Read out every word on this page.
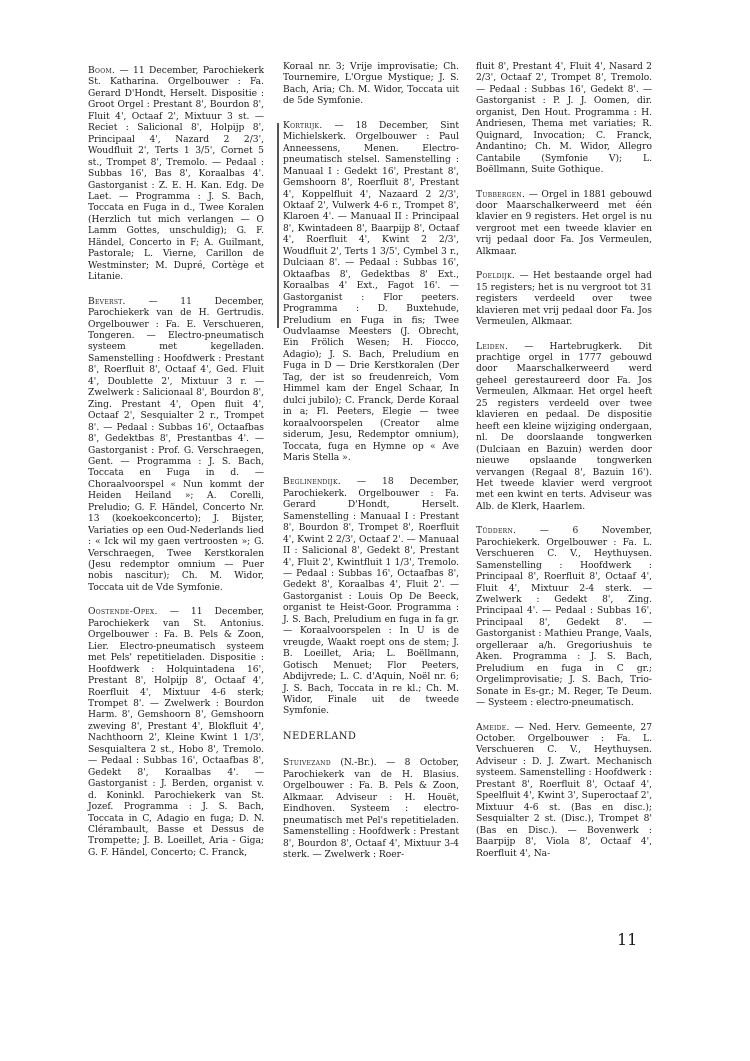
Boom. — 11 December, Parochiekerk St. Katharina. Orgelbouwer : Fa. Gerard D'Hondt, Herselt. Dispositie : Groot Orgel : Prestant 8', Bourdon 8', Fluit 4', Octaaf 2', Mixtuur 3 st. — Reciet : Salicional 8', Holpijp 8', Principaal 4', Nazard 2 2/3', Woudfluit 2', Terts 1 3/5', Cornet 5 st., Trompet 8', Tremolo. — Pedaal : Subbas 16', Bas 8', Koraalbas 4'. Gastorganist : Z. E. H. Kan. Edg. De Laet. — Programma : J. S. Bach, Toccata en Fuga in d., Twee Koralen (Herzlich tut mich verlangen — O Lamm Gottes, unschuldig); G. F. Händel, Concerto in F; A. Guilmant, Pastorale; L. Vierne, Carillon de Westminster; M. Dupré, Cortège et Litanie.

Beverst. — 11 December, Parochiekerk van de H. Gertrudis. Orgelbouwer : Fa. E. Verschueren, Tongeren. — Electro-pneumatisch systeem met kegelladen. Samenstelling : Hoofdwerk : Prestant 8', Roerfluit 8', Octaaf 4', Ged. Fluit 4', Doublette 2', Mixtuur 3 r. — Zwelwerk : Salicionaal 8', Bourdon 8', Zing. Prestant 4', Open fluit 4', Octaaf 2', Sesquialter 2 r., Trompet 8'. — Pedaal : Subbas 16', Octaafbas 8', Gedektbas 8', Prestantbas 4'. — Gastorganist : Prof. G. Verschraegen, Gent. — Programma : J. S. Bach, Toccata en Fuga in d. — Choraalvoorspel « Nun kommt der Heiden Heiland »; A. Corelli, Preludio; G. F. Händel, Concerto Nr. 13 (koekoekconcerto); J. Bijster, Variaties op een Oud-Nederlands lied : « Ick wil my gaen vertroosten »; G. Verschraegen, Twee Kerstkoralen (Jesu redemptor omnium — Puer nobis nascitur); Ch. M. Widor, Toccata uit de Vde Symfonie.

Oostende-Opex. — 11 December, Parochiekerk van St. Antonius. Orgelbouwer : Fa. B. Pels & Zoon, Lier. Electro-pneumatisch systeem met Pels' repetitieladen. Dispositie : Hoofdwerk : Holquintadena 16', Prestant 8', Holpijp 8', Octaaf 4', Roerfluit 4', Mixtuur 4-6 sterk; Trompet 8'. — Zwelwerk : Bourdon Harm. 8', Gemshoorn 8', Gemshoorn zweving 8', Prestant 4', Blokfluit 4', Nachthoorn 2', Kleine Kwint 1 1/3', Sesquialtera 2 st., Hobo 8', Tremolo. — Pedaal : Subbas 16', Octaafbas 8', Gedekt 8', Koraalbas 4'. — Gastorganist : J. Berden, organist v. d. Koninkl. Parochiekerk van St. Jozef. Programma : J. S. Bach, Toccata in C, Adagio en fuga; D. N. Clérambault, Basse et Dessus de Trompette; J. B. Loeillet, Aria - Giga; G. F. Händel, Concerto; C. Franck,

Koraal nr. 3; Vrije improvisatie; Ch. Tournemire, L'Orgue Mystique; J. S. Bach, Aria; Ch. M. Widor, Toccata uit de 5de Symfonie.

Kortrijk. — 18 December, Sint Michielskerk. Orgelbouwer : Paul Anneessens, Menen. Electro-pneumatisch stelsel. Samenstelling : Manuaal I : Gedekt 16', Prestant 8', Gemshoorn 8', Roerfluit 8', Prestant 4', Koppelfluit 4', Nazaard 2 2/3', Oktaaf 2', Vulwerk 4-6 r., Trompet 8', Klaroen 4'. — Manuaal II : Principaal 8', Kwintadeen 8', Baarpijp 8', Octaaf 4', Roerfluit 4', Kwint 2 2/3', Woudfluit 2', Terts 1 3/5', Cymbel 3 r., Dulciaan 8'. — Pedaal : Subbas 16', Oktaafbas 8', Gedektbas 8' Ext., Koraalbas 4' Ext., Fagot 16'. — Gastorganist : Flor peeters. Programma : D. Buxtehude, Preludium en Fuga in fis; Twee Oudvlaamse Meesters (J. Obrecht, Ein Frölich Wesen; H. Fiocco, Adagio); J. S. Bach, Preludium en Fuga in D — Drie Kerstkoralen (Der Tag, der ist so freudenreich, Vom Himmel kam der Engel Schaar, In dulci jubilo); C. Franck, Derde Koraal in a; Fl. Peeters, Elegie — twee koraalvoorspelen (Creator alme siderum, Jesu, Redemptor omnium), Toccata, fuga en Hymne op « Ave Maris Stella ».

Beglinendijk. — 18 December, Parochiekerk. Orgelbouwer : Fa. Gerard D'Hondt, Herselt. Samenstelling : Manuaal I : Prestant 8', Bourdon 8', Trompet 8', Roerfluit 4', Kwint 2 2/3', Octaaf 2'. — Manuaal II : Salicional 8', Gedekt 8', Prestant 4', Fluit 2', Kwintfluit 1 1/3', Tremolo. — Pedaal : Subbas 16', Octaafbas 8', Gedekt 8', Koraalbas 4', Fluit 2'. — Gastorganist : Louis Op De Beeck, organist te Heist-Goor. Programma : J. S. Bach, Preludium en fuga in fa gr. — Koraalvoorspelen : In U is de vreugde, Waakt roept ons de stem; J. B. Loeillet, Aria; L. Boëllmann, Gotisch Menuet; Flor Peeters, Abdijvrede; L. C. d'Aquin, Noël nr. 6; J. S. Bach, Toccata in re kl.; Ch. M. Widor, Finale uit de tweede Symfonie.

NEDERLAND

Stuivezand (N.-Br.). — 8 October, Parochiekerk van de H. Blasius. Orgelbouwer : Fa. B. Pels & Zoon, Alkmaar. Adviseur : H. Houët, Eindhoven. Systeem : electro-pneumatisch met Pel's repetitieladen. Samenstelling : Hoofdwerk : Prestant 8', Bourdon 8', Octaaf 4', Mixtuur 3-4 sterk. — Zwelwerk : Roer-

fluit 8', Prestant 4', Fluit 4', Nasard 2 2/3', Octaaf 2', Trompet 8', Tremolo. — Pedaal : Subbas 16', Gedekt 8'. — Gastorganist : P. J. J. Oomen, dir. organist, Den Hout. Programma : H. Andriesen, Thema met variaties; R. Quignard, Invocation; C. Franck, Andantino; Ch. M. Widor, Allegro Cantabile (Symfonie V); L. Boëllmann, Suite Gothique.

Tubbergen. — Orgel in 1881 gebouwd door Maarschalkerweerd met één klavier en 9 registers. Het orgel is nu vergroot met een tweede klavier en vrij pedaal door Fa. Jos Vermeulen, Alkmaar.

Poeldijk. — Het bestaande orgel had 15 registers; het is nu vergroot tot 31 registers verdeeld over twee klavieren met vrij pedaal door Fa. Jos Vermeulen, Alkmaar.

Leiden. — Hartebrugkerk. Dit prachtige orgel in 1777 gebouwd door Maarschalkerweerd werd geheel gerestaureerd door Fa. Jos Vermeulen, Alkmaar. Het orgel heeft 25 registers verdeeld over twee klavieren en pedaal. De dispositie heeft een kleine wijziging ondergaan, nl. De doorslaande tongwerken (Dulciaan en Bazuin) werden door nieuwe opslaande tongwerken vervangen (Regaal 8', Bazuin 16'). Het tweede klavier werd vergroot met een kwint en terts. Adviseur was Alb. de Klerk, Haarlem.

Tüddern. — 6 November, Parochiekerk. Orgelbouwer : Fa. L. Verschueren C. V., Heythuysen. Samenstelling : Hoofdwerk : Principaal 8', Roerfluit 8', Octaaf 4', Fluit 4', Mixtuur 2-4 sterk. — Zwelwerk : Gedekt 8', Zing. Principaal 4'. — Pedaal : Subbas 16', Principaal 8', Gedekt 8'. — Gastorganist : Mathieu Prange, Vaals, orgelleraar a/h. Gregoriushuis te Aken. Programma : J. S. Bach, Preludium en fuga in C gr.; Orgelimprovisatie; J. S. Bach, Trio-Sonate in Es-gr.; M. Reger, Te Deum. — Systeem : electro-pneumatisch.

Ameide. — Ned. Herv. Gemeente, 27 October. Orgelbouwer : Fa. L. Verschueren C. V., Heythuysen. Adviseur : D. J. Zwart. Mechanisch systeem. Samenstelling : Hoofdwerk : Prestant 8', Roerfluit 8', Octaaf 4', Speelfluit 4', Kwint 3', Superoctaaf 2', Mixtuur 4-6 st. (Bas en disc.); Sesquialter 2 st. (Disc.), Trompet 8' (Bas en Disc.). — Bovenwerk : Baarpijp 8', Viola 8', Octaaf 4', Roerfluit 4', Na-

11
